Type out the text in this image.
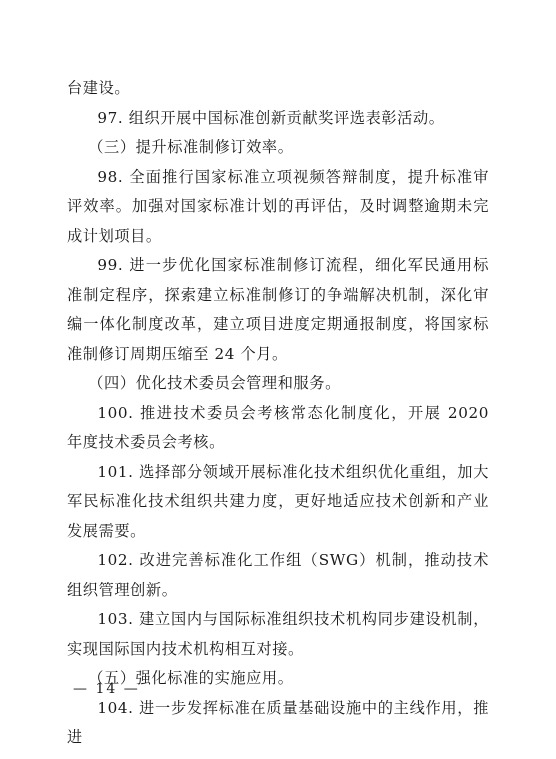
台建设。

97. 组织开展中国标准创新贡献奖评选表彰活动。

（三）提升标准制修订效率。

98. 全面推行国家标准立项视频答辩制度，提升标准审评效率。加强对国家标准计划的再评估，及时调整逾期未完成计划项目。

99. 进一步优化国家标准制修订流程，细化军民通用标准制定程序，探索建立标准制修订的争端解决机制，深化审编一体化制度改革，建立项目进度定期通报制度，将国家标准制修订周期压缩至 24 个月。

（四）优化技术委员会管理和服务。

100. 推进技术委员会考核常态化制度化，开展 2020 年度技术委员会考核。

101. 选择部分领域开展标准化技术组织优化重组，加大军民标准化技术组织共建力度，更好地适应技术创新和产业发展需要。

102. 改进完善标准化工作组（SWG）机制，推动技术组织管理创新。

103. 建立国内与国际标准组织技术机构同步建设机制，实现国际国内技术机构相互对接。

（五）强化标准的实施应用。

104. 进一步发挥标准在质量基础设施中的主线作用，推进

— 14 —
